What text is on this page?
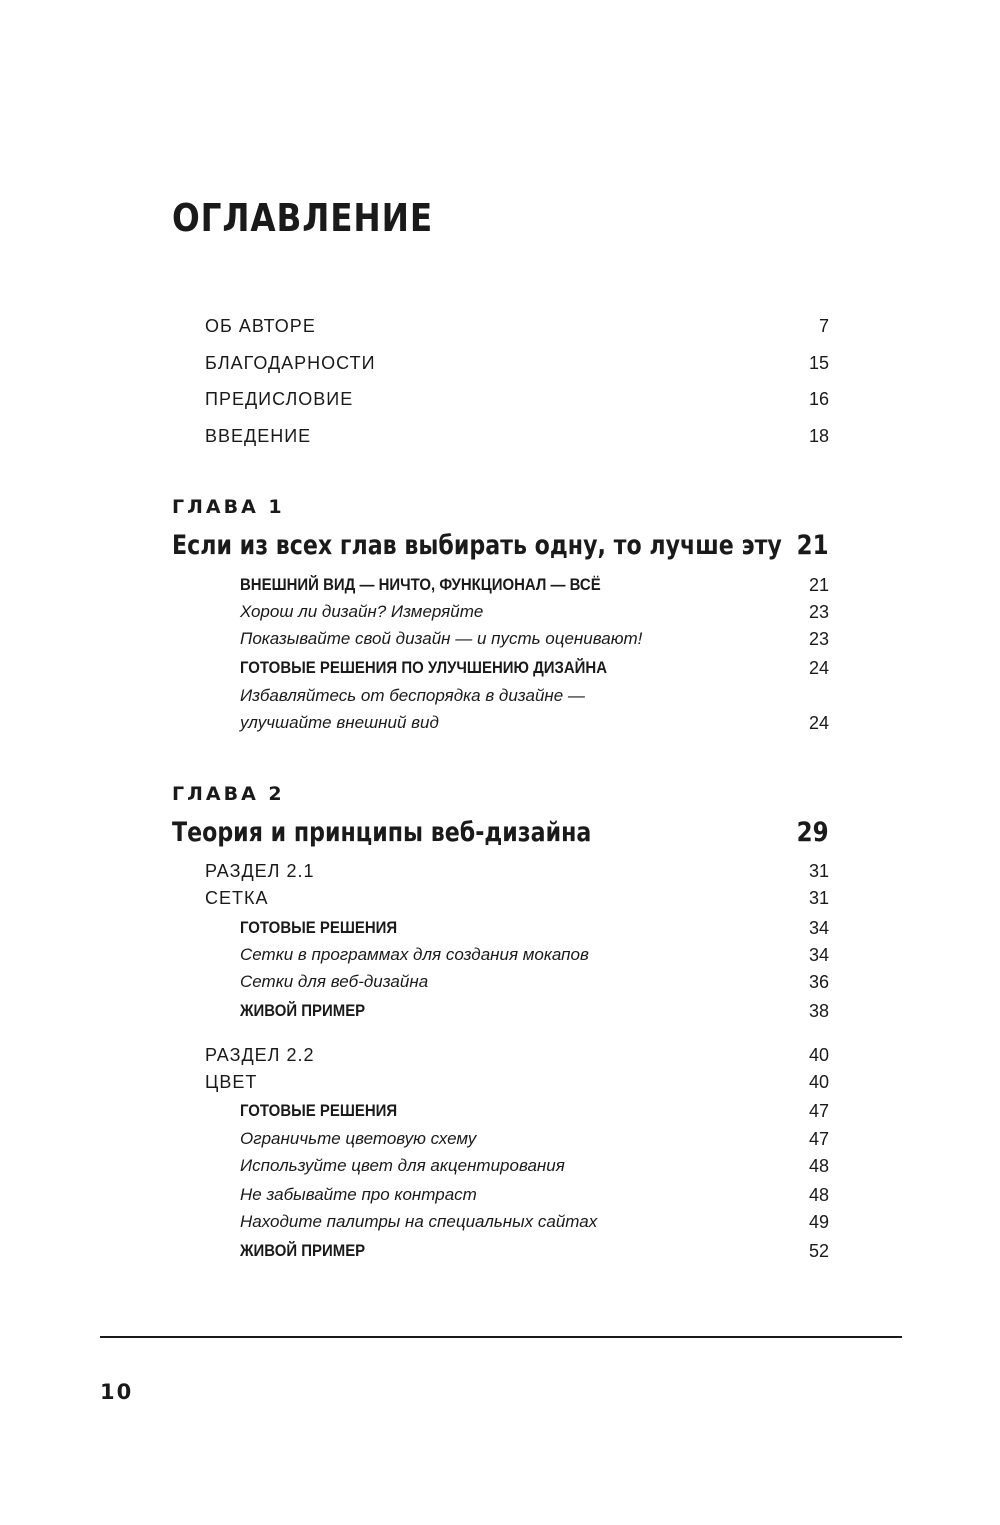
ОГЛАВЛЕНИЕ
ОБ АВТОРЕ	7
БЛАГОДАРНОСТИ	15
ПРЕДИСЛОВИЕ	16
ВВЕДЕНИЕ	18
ГЛАВА 1
Если из всех глав выбирать одну, то лучше эту 21
ВНЕШНИЙ ВИД — НИЧТО, ФУНКЦИОНАЛ — ВСЁ	21
Хорош ли дизайн? Измеряйте	23
Показывайте свой дизайн — и пусть оценивают!	23
ГОТОВЫЕ РЕШЕНИЯ ПО УЛУЧШЕНИЮ ДИЗАЙНА	24
Избавляйтесь от беспорядка в дизайне —
улучшайте внешний вид	24
ГЛАВА 2
Теория и принципы веб-дизайна	29
РАЗДЕЛ 2.1	31
СЕТКА	31
ГОТОВЫЕ РЕШЕНИЯ	34
Сетки в программах для создания мокапов	34
Сетки для веб-дизайна	36
ЖИВОЙ ПРИМЕР	38
РАЗДЕЛ 2.2	40
ЦВЕТ	40
ГОТОВЫЕ РЕШЕНИЯ	47
Ограничьте цветовую схему	47
Используйте цвет для акцентирования	48
Не забывайте про контраст	48
Находите палитры на специальных сайтах	49
ЖИВОЙ ПРИМЕР	52
10
